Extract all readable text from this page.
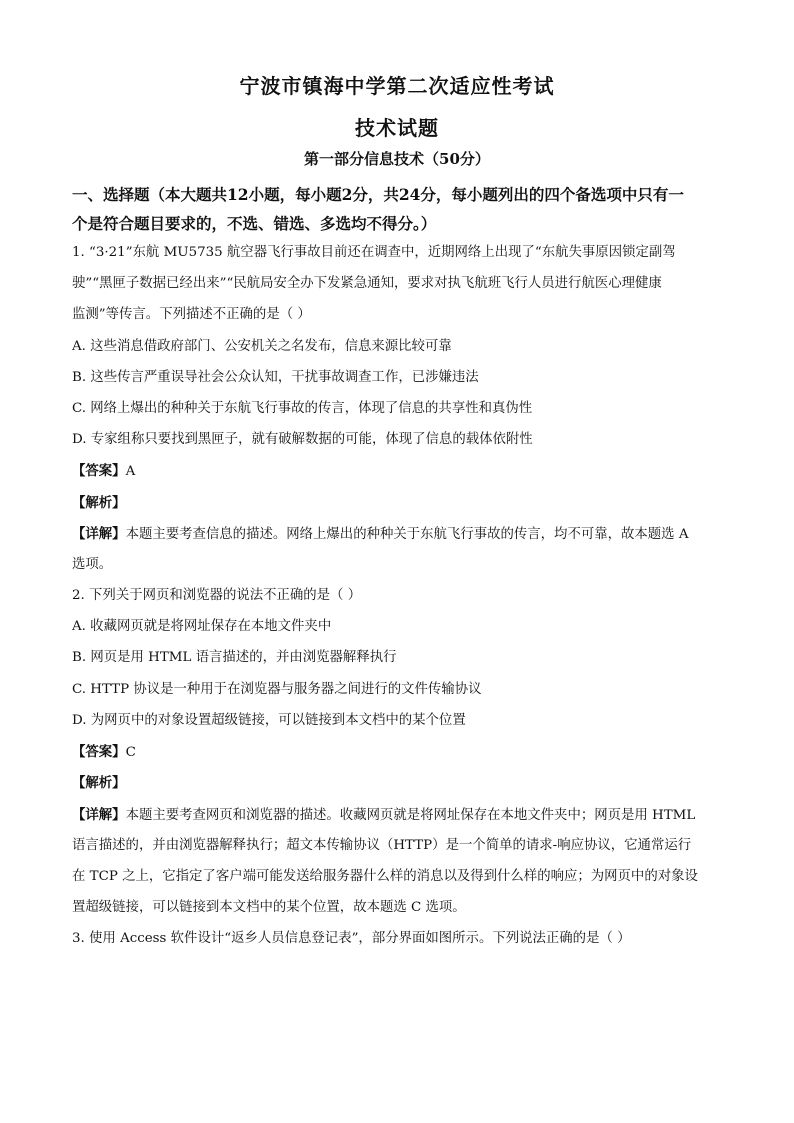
宁波市镇海中学第二次适应性考试
技术试题
第一部分信息技术（50分）
一、选择题（本大题共12小题，每小题2分，共24分，每小题列出的四个备选项中只有一
个是符合题目要求的，不选、错选、多选均不得分。）
1. “3·21”东航 MU5735 航空器飞行事故目前还在调查中，近期网络上出现了“东航失事原因锁定副驾
驶”“黑匣子数据已经出来”“民航局安全办下发紧急通知，要求对执飞航班飞行人员进行航医心理健康
监测”等传言。下列描述不正确的是（ ）
A. 这些消息借政府部门、公安机关之名发布，信息来源比较可靠
B. 这些传言严重误导社会公众认知，干扰事故调查工作，已涉嫌违法
C. 网络上爆出的种种关于东航飞行事故的传言，体现了信息的共享性和真伪性
D. 专家组称只要找到黑匣子，就有破解数据的可能，体现了信息的载体依附性
【答案】A
【解析】
【详解】本题主要考查信息的描述。网络上爆出的种种关于东航飞行事故的传言，均不可靠，故本题选 A
选项。
2. 下列关于网页和浏览器的说法不正确的是（ ）
A. 收藏网页就是将网址保存在本地文件夹中
B. 网页是用 HTML 语言描述的，并由浏览器解释执行
C. HTTP 协议是一种用于在浏览器与服务器之间进行的文件传输协议
D. 为网页中的对象设置超级链接，可以链接到本文档中的某个位置
【答案】C
【解析】
【详解】本题主要考查网页和浏览器的描述。收藏网页就是将网址保存在本地文件夹中；网页是用 HTML
语言描述的，并由浏览器解释执行；超文本传输协议（HTTP）是一个简单的请求-响应协议，它通常运行
在 TCP 之上，它指定了客户端可能发送给服务器什么样的消息以及得到什么样的响应；为网页中的对象设
置超级链接，可以链接到本文档中的某个位置，故本题选 C 选项。
3. 使用 Access 软件设计“返乡人员信息登记表”，部分界面如图所示。下列说法正确的是（ ）
